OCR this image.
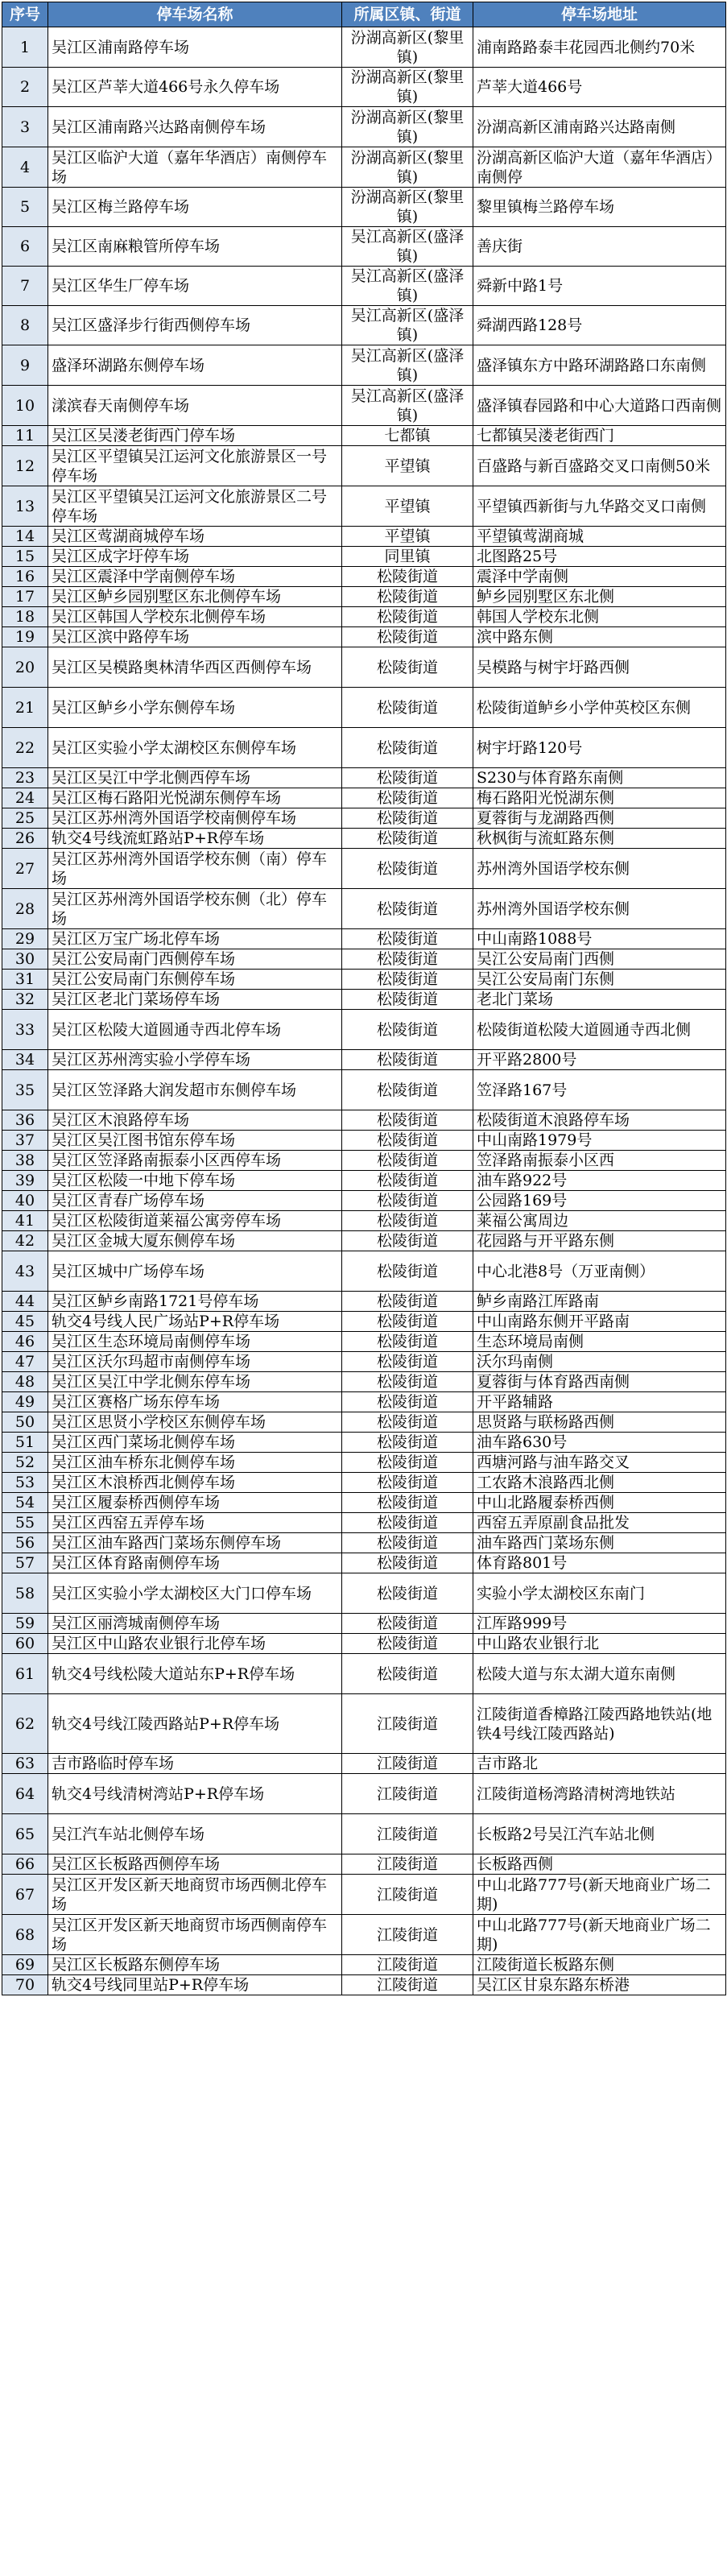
序号	停车场名称	所属区镇、街道	停车场地址
1	吴江区浦南路停车场	汾湖高新区(黎里镇)	浦南路路泰丰花园西北侧约70米
2	吴江区芦莘大道466号永久停车场	汾湖高新区(黎里镇)	芦莘大道466号
3	吴江区浦南路兴达路南侧停车场	汾湖高新区(黎里镇)	汾湖高新区浦南路兴达路南侧
4	吴江区临沪大道（嘉年华酒店）南侧停车场	汾湖高新区(黎里镇)	汾湖高新区临沪大道（嘉年华酒店）南侧停
5	吴江区梅兰路停车场	汾湖高新区(黎里镇)	黎里镇梅兰路停车场
6	吴江区南麻粮管所停车场	吴江高新区(盛泽镇)	善庆街
7	吴江区华生厂停车场	吴江高新区(盛泽镇)	舜新中路1号
8	吴江区盛泽步行街西侧停车场	吴江高新区(盛泽镇)	舜湖西路128号
9	盛泽环湖路东侧停车场	吴江高新区(盛泽镇)	盛泽镇东方中路环湖路路口东南侧
10	漾滨春天南侧停车场	吴江高新区(盛泽镇)	盛泽镇春园路和中心大道路口西南侧
11	吴江区吴溇老街西门停车场	七都镇	七都镇吴溇老街西门
12	吴江区平望镇吴江运河文化旅游景区一号停车场	平望镇	百盛路与新百盛路交叉口南侧50米
13	吴江区平望镇吴江运河文化旅游景区二号停车场	平望镇	平望镇西新街与九华路交叉口南侧
14	吴江区莺湖商城停车场	平望镇	平望镇莺湖商城
15	吴江区成字圩停车场	同里镇	北图路25号
16	吴江区震泽中学南侧停车场	松陵街道	震泽中学南侧
17	吴江区鲈乡园别墅区东北侧停车场	松陵街道	鲈乡园别墅区东北侧
18	吴江区韩国人学校东北侧停车场	松陵街道	韩国人学校东北侧
19	吴江区滨中路停车场	松陵街道	滨中路东侧
20	吴江区吴模路奥林清华西区西侧停车场	松陵街道	吴模路与树宇圩路西侧
21	吴江区鲈乡小学东侧停车场	松陵街道	松陵街道鲈乡小学仲英校区东侧
22	吴江区实验小学太湖校区东侧停车场	松陵街道	树宇圩路120号
23	吴江区吴江中学北侧西停车场	松陵街道	S230与体育路东南侧
24	吴江区梅石路阳光悦湖东侧停车场	松陵街道	梅石路阳光悦湖东侧
25	吴江区苏州湾外国语学校南侧停车场	松陵街道	夏蓉街与龙湖路西侧
26	轨交4号线流虹路站P+R停车场	松陵街道	秋枫街与流虹路东侧
27	吴江区苏州湾外国语学校东侧（南）停车场	松陵街道	苏州湾外国语学校东侧
28	吴江区苏州湾外国语学校东侧（北）停车场	松陵街道	苏州湾外国语学校东侧
29	吴江区万宝广场北停车场	松陵街道	中山南路1088号
30	吴江公安局南门西侧停车场	松陵街道	吴江公安局南门西侧
31	吴江公安局南门东侧停车场	松陵街道	吴江公安局南门东侧
32	吴江区老北门菜场停车场	松陵街道	老北门菜场
33	吴江区松陵大道圆通寺西北停车场	松陵街道	松陵街道松陵大道圆通寺西北侧
34	吴江区苏州湾实验小学停车场	松陵街道	开平路2800号
35	吴江区笠泽路大润发超市东侧停车场	松陵街道	笠泽路167号
36	吴江区木浪路停车场	松陵街道	松陵街道木浪路停车场
37	吴江区吴江图书馆东停车场	松陵街道	中山南路1979号
38	吴江区笠泽路南振泰小区西停车场	松陵街道	笠泽路南振泰小区西
39	吴江区松陵一中地下停车场	松陵街道	油车路922号
40	吴江区青春广场停车场	松陵街道	公园路169号
41	吴江区松陵街道莱福公寓旁停车场	松陵街道	莱福公寓周边
42	吴江区金城大厦东侧停车场	松陵街道	花园路与开平路东侧
43	吴江区城中广场停车场	松陵街道	中心北港8号（万亚南侧）
44	吴江区鲈乡南路1721号停车场	松陵街道	鲈乡南路江厍路南
45	轨交4号线人民广场站P+R停车场	松陵街道	中山南路东侧开平路南
46	吴江区生态环境局南侧停车场	松陵街道	生态环境局南侧
47	吴江区沃尔玛超市南侧停车场	松陵街道	沃尔玛南侧
48	吴江区吴江中学北侧东停车场	松陵街道	夏蓉街与体育路西南侧
49	吴江区赛格广场东停车场	松陵街道	开平路辅路
50	吴江区思贤小学校区东侧停车场	松陵街道	思贤路与联杨路西侧
51	吴江区西门菜场北侧停车场	松陵街道	油车路630号
52	吴江区油车桥东北侧停车场	松陵街道	西塘河路与油车路交叉
53	吴江区木浪桥西北侧停车场	松陵街道	工农路木浪路西北侧
54	吴江区履泰桥西侧停车场	松陵街道	中山北路履泰桥西侧
55	吴江区西窑五弄停车场	松陵街道	西窑五弄原副食品批发
56	吴江区油车路西门菜场东侧停车场	松陵街道	油车路西门菜场东侧
57	吴江区体育路南侧停车场	松陵街道	体育路801号
58	吴江区实验小学太湖校区大门口停车场	松陵街道	实验小学太湖校区东南门
59	吴江区丽湾城南侧停车场	松陵街道	江厍路999号
60	吴江区中山路农业银行北停车场	松陵街道	中山路农业银行北
61	轨交4号线松陵大道站东P+R停车场	松陵街道	松陵大道与东太湖大道东南侧
62	轨交4号线江陵西路站P+R停车场	江陵街道	江陵街道香樟路江陵西路地铁站(地铁4号线江陵西路站)
63	吉市路临时停车场	江陵街道	吉市路北
64	轨交4号线清树湾站P+R停车场	江陵街道	江陵街道杨湾路清树湾地铁站
65	吴江汽车站北侧停车场	江陵街道	长板路2号吴江汽车站北侧
66	吴江区长板路西侧停车场	江陵街道	长板路西侧
67	吴江区开发区新天地商贸市场西侧北停车场	江陵街道	中山北路777号(新天地商业广场二期)
68	吴江区开发区新天地商贸市场西侧南停车场	江陵街道	中山北路777号(新天地商业广场二期)
69	吴江区长板路东侧停车场	江陵街道	江陵街道长板路东侧
70	轨交4号线同里站P+R停车场	江陵街道	吴江区甘泉东路东桥港
